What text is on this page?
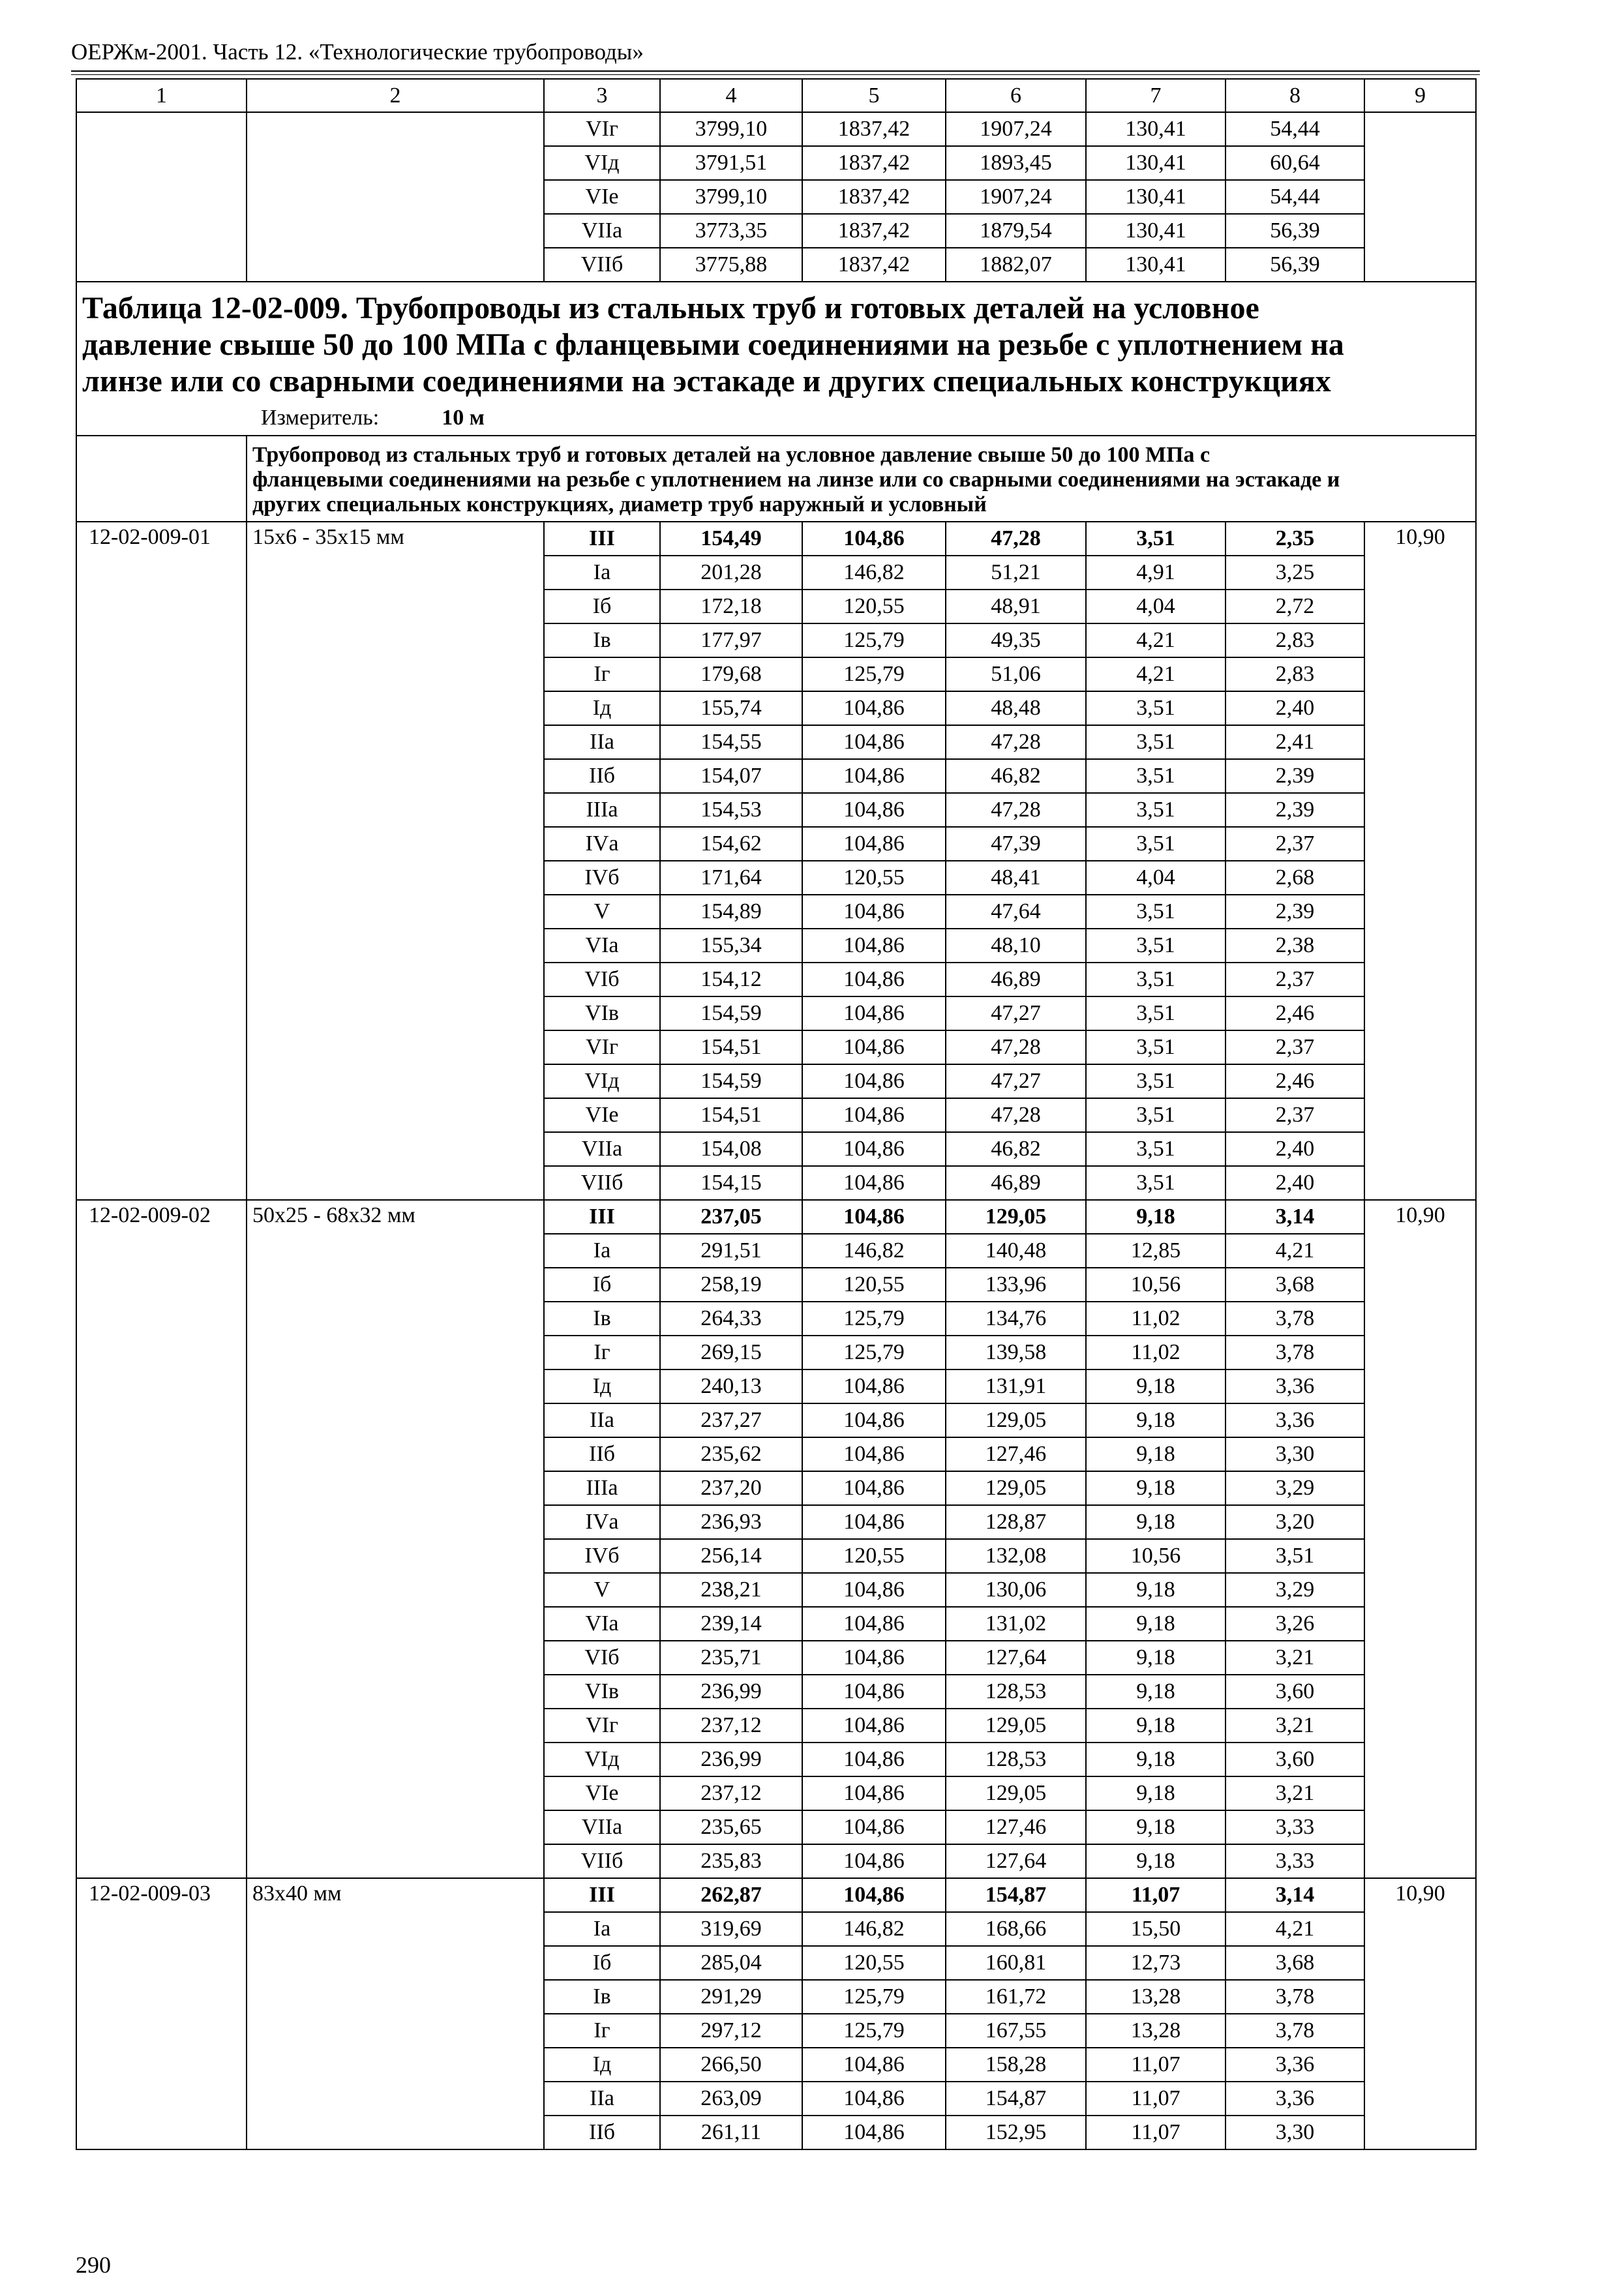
ОЕРЖм-2001. Часть 12. «Технологические трубопроводы»
1	2	3	4	5	6	7	8	9
		VIг	3799,10	1837,42	1907,24	130,41	54,44	
		VIд	3791,51	1837,42	1893,45	130,41	60,64	
		VIе	3799,10	1837,42	1907,24	130,41	54,44	
		VIIа	3773,35	1837,42	1879,54	130,41	56,39	
		VIIб	3775,88	1837,42	1882,07	130,41	56,39	

Таблица 12-02-009. Трубопроводы из стальных труб и готовых деталей на условное
давление свыше 50 до 100 МПа с фланцевыми соединениями на резьбе с уплотнением на
линзе или со сварными соединениями на эстакаде и других специальных конструкциях
Измеритель: 10 м								

	Трубопровод из стальных труб и готовых деталей на условное давление свыше 50 до 100 МПа с
фланцевыми соединениями на резьбе с уплотнением на линзе или со сварными соединениями на эстакаде и
других специальных конструкциях, диаметр труб наружный и условный							

12-02-009-01	15х6 - 35х15 мм	III	154,49	104,86	47,28	3,51	2,35	10,90
		Iа	201,28	146,82	51,21	4,91	3,25	
		Iб	172,18	120,55	48,91	4,04	2,72	
		Iв	177,97	125,79	49,35	4,21	2,83	
		Iг	179,68	125,79	51,06	4,21	2,83	
		Iд	155,74	104,86	48,48	3,51	2,40	
		IIа	154,55	104,86	47,28	3,51	2,41	
		IIб	154,07	104,86	46,82	3,51	2,39	
		IIIа	154,53	104,86	47,28	3,51	2,39	
		IVа	154,62	104,86	47,39	3,51	2,37	
		IVб	171,64	120,55	48,41	4,04	2,68	
		V	154,89	104,86	47,64	3,51	2,39	
		VIа	155,34	104,86	48,10	3,51	2,38	
		VIб	154,12	104,86	46,89	3,51	2,37	
		VIв	154,59	104,86	47,27	3,51	2,46	
		VIг	154,51	104,86	47,28	3,51	2,37	
		VIд	154,59	104,86	47,27	3,51	2,46	
		VIе	154,51	104,86	47,28	3,51	2,37	
		VIIа	154,08	104,86	46,82	3,51	2,40	
		VIIб	154,15	104,86	46,89	3,51	2,40	
12-02-009-02	50х25 - 68х32 мм	III	237,05	104,86	129,05	9,18	3,14	10,90
		Iа	291,51	146,82	140,48	12,85	4,21	
		Iб	258,19	120,55	133,96	10,56	3,68	
		Iв	264,33	125,79	134,76	11,02	3,78	
		Iг	269,15	125,79	139,58	11,02	3,78	
		Iд	240,13	104,86	131,91	9,18	3,36	
		IIа	237,27	104,86	129,05	9,18	3,36	
		IIб	235,62	104,86	127,46	9,18	3,30	
		IIIа	237,20	104,86	129,05	9,18	3,29	
		IVа	236,93	104,86	128,87	9,18	3,20	
		IVб	256,14	120,55	132,08	10,56	3,51	
		V	238,21	104,86	130,06	9,18	3,29	
		VIа	239,14	104,86	131,02	9,18	3,26	
		VIб	235,71	104,86	127,64	9,18	3,21	
		VIв	236,99	104,86	128,53	9,18	3,60	
		VIг	237,12	104,86	129,05	9,18	3,21	
		VIд	236,99	104,86	128,53	9,18	3,60	
		VIе	237,12	104,86	129,05	9,18	3,21	
		VIIа	235,65	104,86	127,46	9,18	3,33	
		VIIб	235,83	104,86	127,64	9,18	3,33	
12-02-009-03	83х40 мм	III	262,87	104,86	154,87	11,07	3,14	10,90
		Iа	319,69	146,82	168,66	15,50	4,21	
		Iб	285,04	120,55	160,81	12,73	3,68	
		Iв	291,29	125,79	161,72	13,28	3,78	
		Iг	297,12	125,79	167,55	13,28	3,78	
		Iд	266,50	104,86	158,28	11,07	3,36	
		IIа	263,09	104,86	154,87	11,07	3,36	
		IIб	261,11	104,86	152,95	11,07	3,30	
290
